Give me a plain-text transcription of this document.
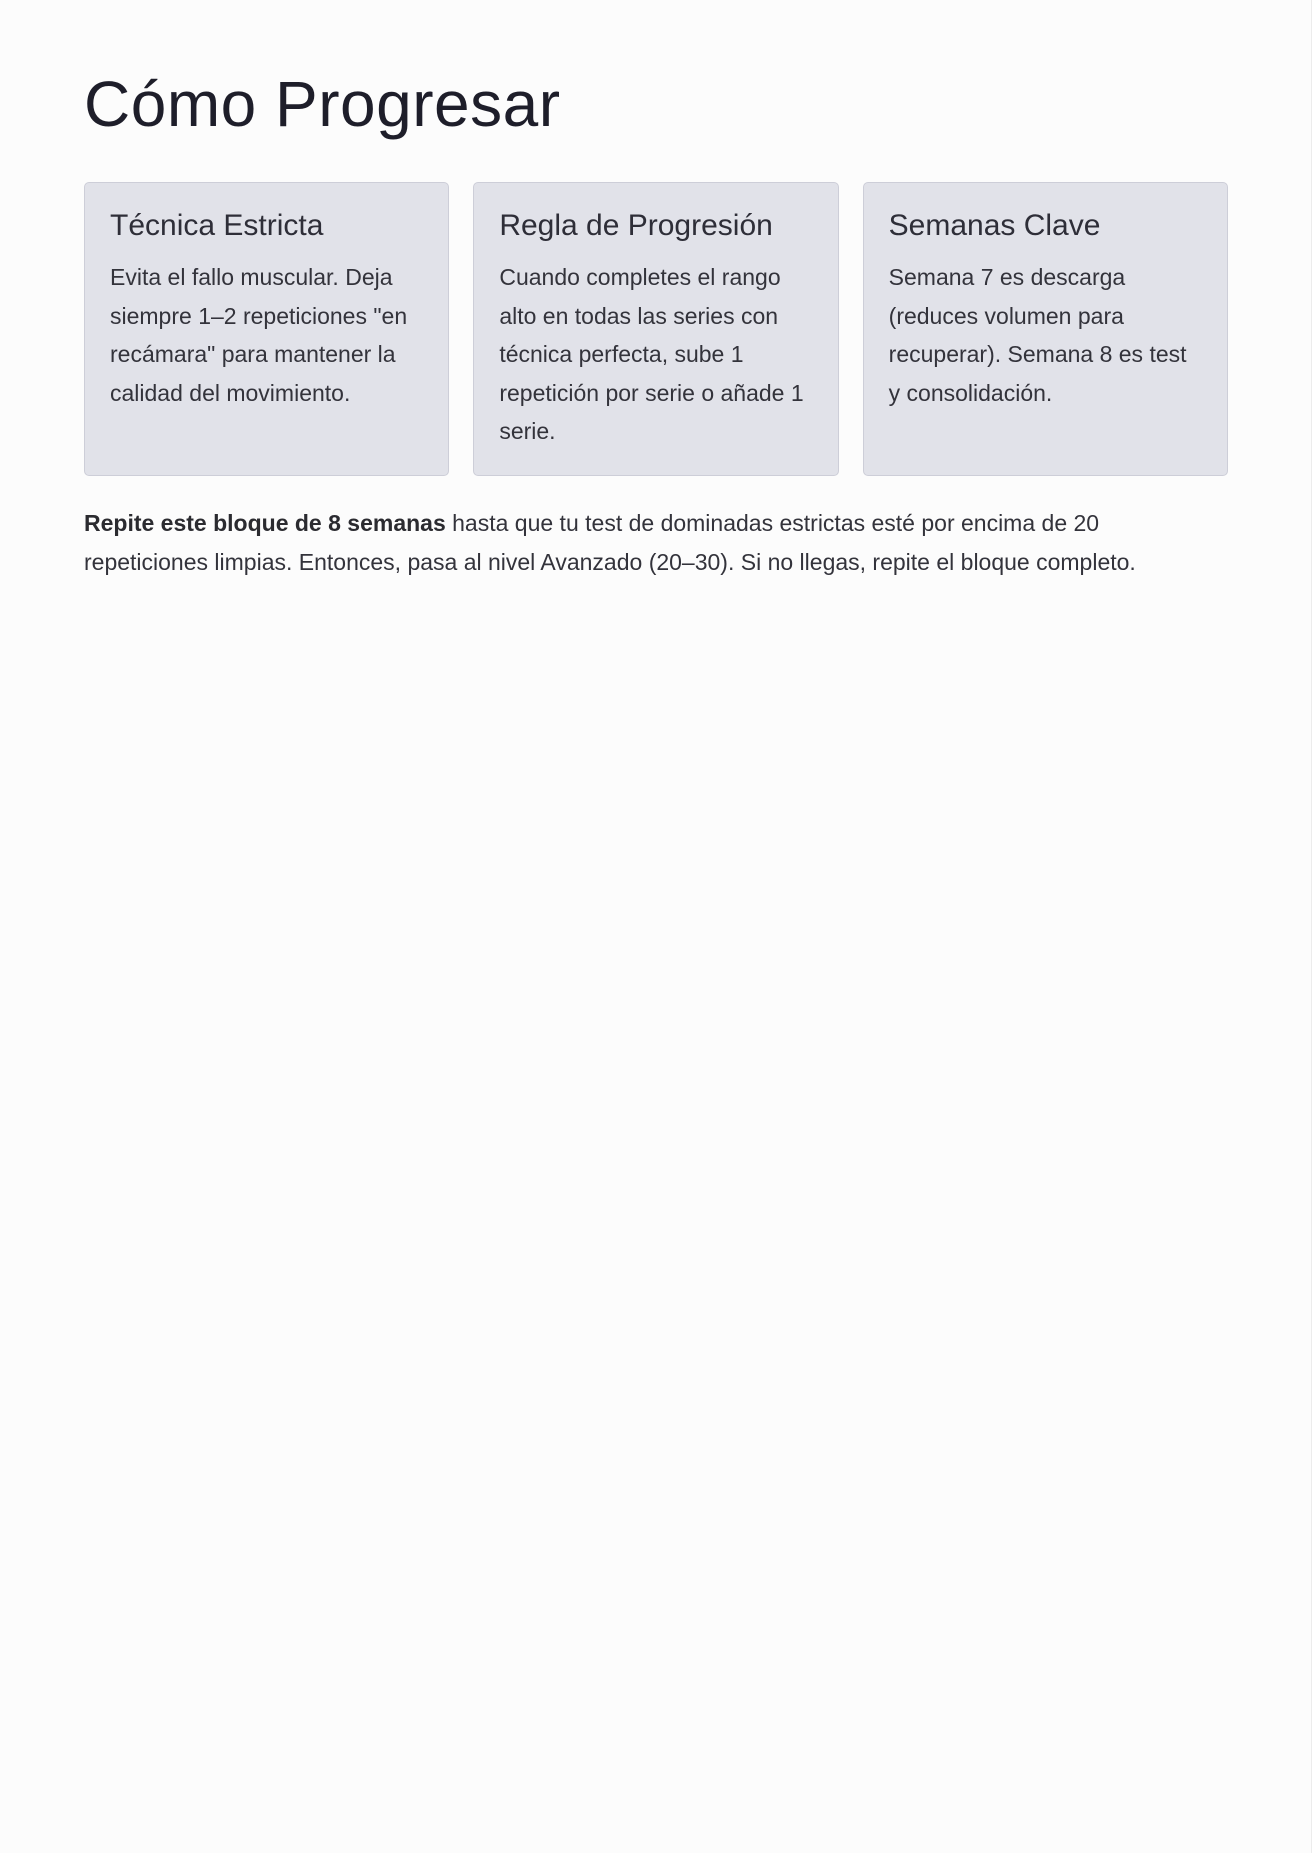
Cómo Progresar
Técnica Estricta

Evita el fallo muscular. Deja siempre 1–2 repeticiones "en recámara" para mantener la calidad del movimiento.

Regla de Progresión

Cuando completes el rango alto en todas las series con técnica perfecta, sube 1 repetición por serie o añade 1 serie.

Semanas Clave

Semana 7 es descarga (reduces volumen para recuperar). Semana 8 es test y consolidación.

Repite este bloque de 8 semanas hasta que tu test de dominadas estrictas esté por encima de 20 repeticiones limpias. Entonces, pasa al nivel Avanzado (20–30). Si no llegas, repite el bloque completo.
